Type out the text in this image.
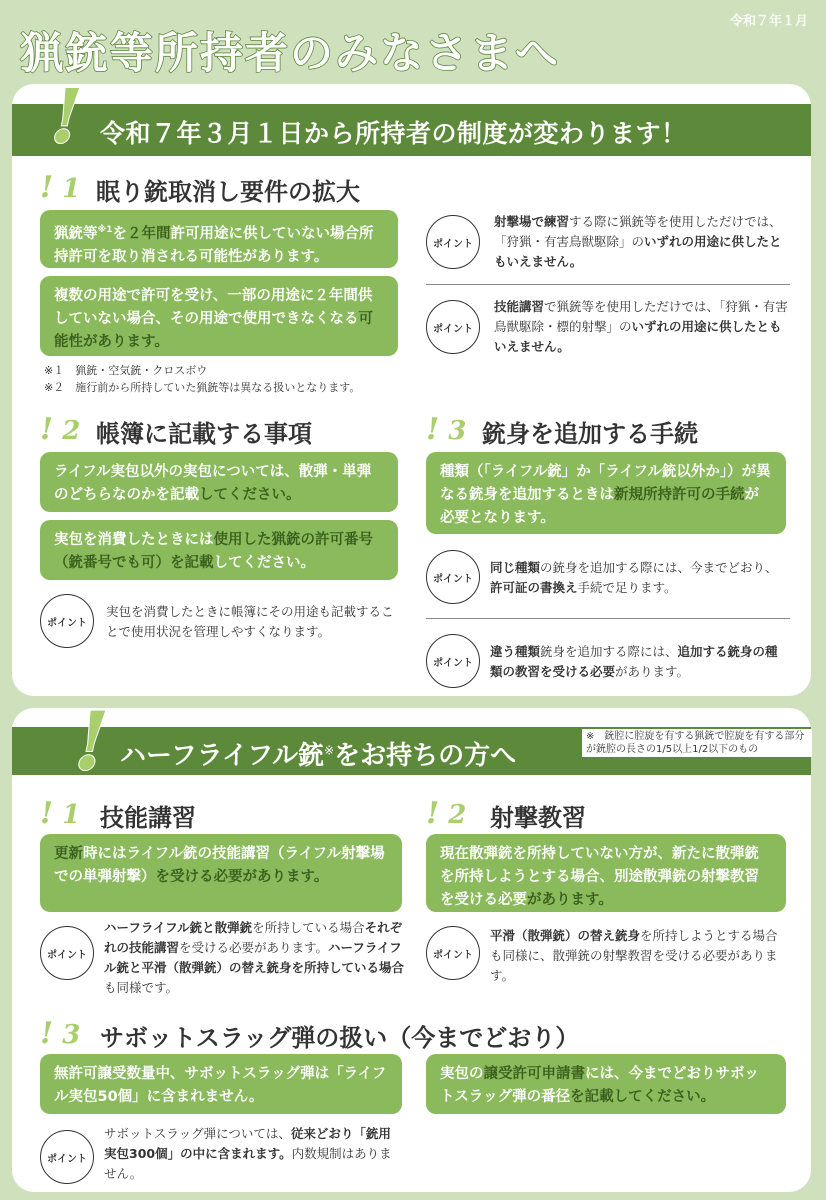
令和７年１月
猟銃等所持者のみなさまへ
令和７年３月１日から所持者の制度が変わります！
!
! 1 眠り銃取消し要件の拡大
猟銃等$^{※1}$を２年間許可用途に供していない場合所持許可を取り消される可能性があります。
複数の用途で許可を受け、一部の用途に２年間供していない場合、その用途で使用できなくなる可能性があります。
※１　猟銃・空気銃・クロスボウ
※２　施行前から所持していた猟銃等は異なる扱いとなります。
ポイント
射撃場で練習する際に猟銃等を使用しただけでは、「狩猟・有害鳥獣駆除」のいずれの用途に供したともいえません。
ポイント
技能講習で猟銃等を使用しただけでは、「狩猟・有害鳥獣駆除・標的射撃」のいずれの用途に供したともいえません。
! 2 帳簿に記載する事項
ライフル実包以外の実包については、散弾・単弾のどちらなのかを記載してください。
実包を消費したときには使用した猟銃の許可番号（銃番号でも可）を記載してください。
ポイント
実包を消費したときに帳簿にその用途も記載することで使用状況を管理しやすくなります。
! 3 銃身を追加する手続
種類（「ライフル銃」か「ライフル銃以外か」）が異なる銃身を追加するときは新規所持許可の手続が必要となります。
ポイント
同じ種類の銃身を追加する際には、今までどおり、許可証の書換え手続で足ります。
ポイント
違う種類銃身を追加する際には、追加する銃身の種類の教習を受ける必要があります。
ハーフライフル銃※をお持ちの方へ
※　銃腔に腔旋を有する猟銃で腔旋を有する部分が銃腔の長さの1/5以上1/2以下のもの
!
! 1 技能講習
更新時にはライフル銃の技能講習（ライフル射撃場での単弾射撃）を受ける必要があります。
ポイント
ハーフライフル銃と散弾銃を所持している場合それぞれの技能講習を受ける必要があります。ハーフライフル銃と平滑（散弾銃）の替え銃身を所持している場合も同様です。
! 2 射撃教習
現在散弾銃を所持していない方が、新たに散弾銃を所持しようとする場合、別途散弾銃の射撃教習を受ける必要があります。
ポイント
平滑（散弾銃）の替え銃身を所持しようとする場合も同様に、散弾銃の射撃教習を受ける必要があります。
! 3 サボットスラッグ弾の扱い（今までどおり）
無許可譲受数量中、サボットスラッグ弾は「ライフル実包50個」に含まれません。
実包の譲受許可申請書には、今までどおりサボットスラッグ弾の番径を記載してください。
ポイント
サボットスラッグ弾については、従来どおり「銃用実包300個」の中に含まれます。内数規制はありません。
